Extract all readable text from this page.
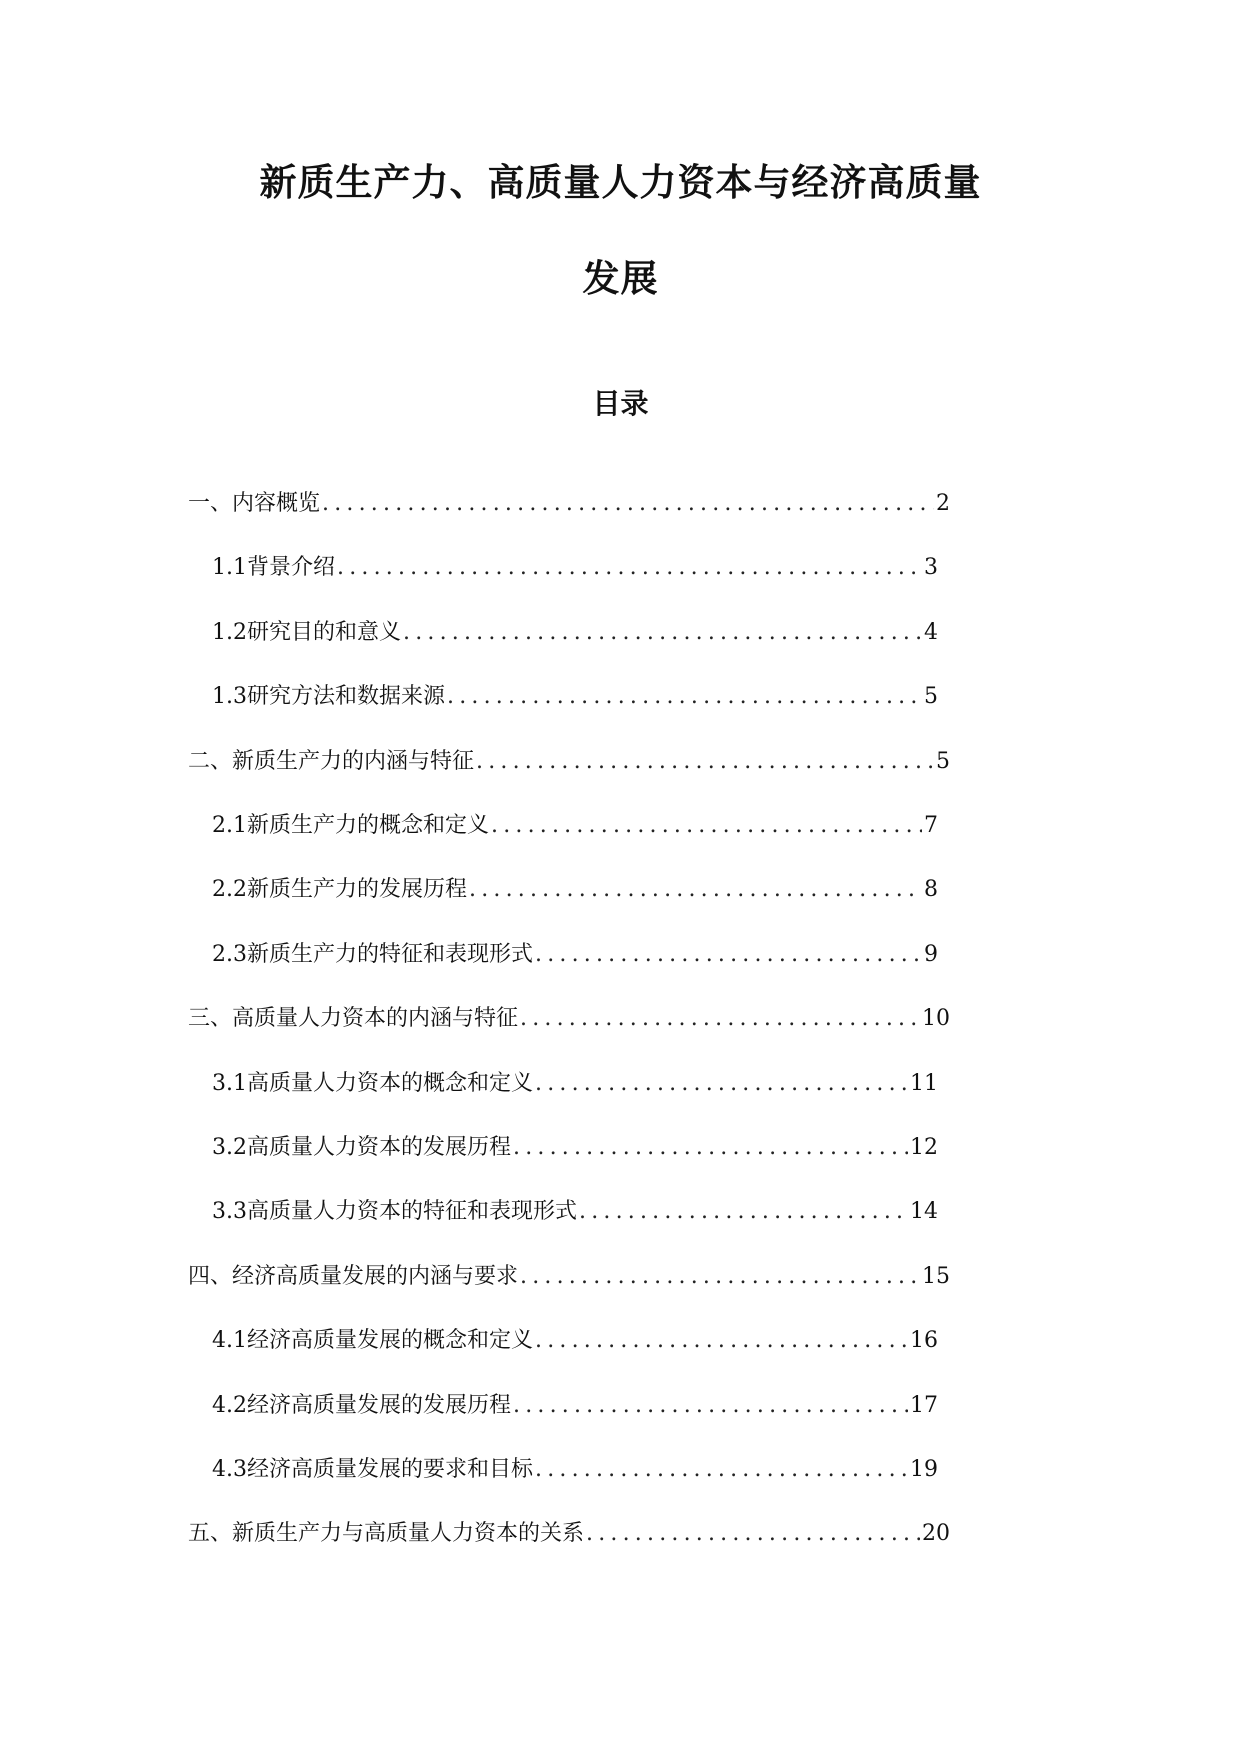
新质生产力、高质量人力资本与经济高质量
发展
目录
一、 内容概览 .....	2
1.1 背景介绍 .....	3
1.2 研究目的和意义 .....	4
1.3 研究方法和数据来源 .....	5
二、 新质生产力的内涵与特征 .....	5
2.1 新质生产力的概念和定义 .....	7
2.2 新质生产力的发展历程 .....	8
2.3 新质生产力的特征和表现形式 .....	9
三、 高质量人力资本的内涵与特征 .....	10
3.1 高质量人力资本的概念和定义 .....	11
3.2 高质量人力资本的发展历程 .....	12
3.3 高质量人力资本的特征和表现形式 .....	14
四、 经济高质量发展的内涵与要求 .....	15
4.1 经济高质量发展的概念和定义 .....	16
4.2 经济高质量发展的发展历程 .....	17
4.3 经济高质量发展的要求和目标 .....	19
五、 新质生产力与高质量人力资本的关系 .....	20
